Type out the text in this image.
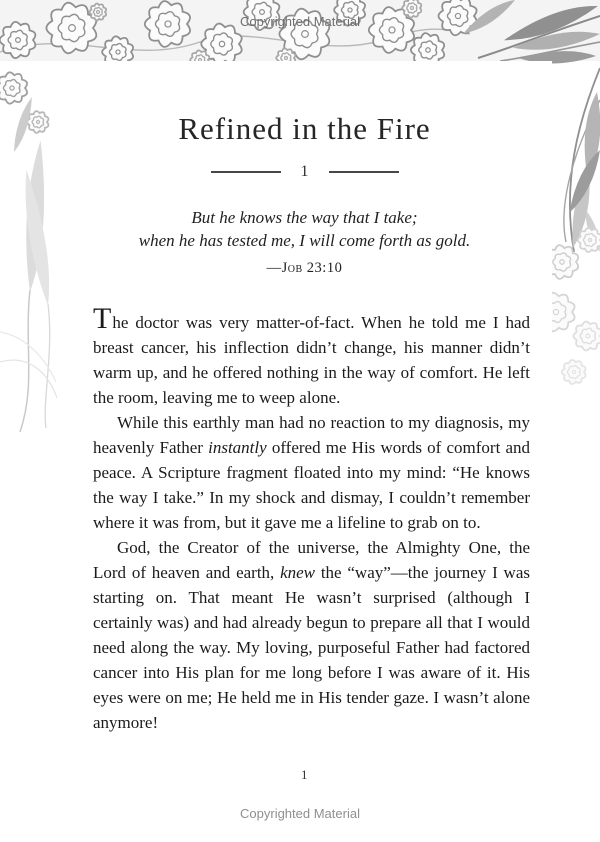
Copyrighted Material
Refined in the Fire
1
But he knows the way that I take;
when he has tested me, I will come forth as gold.
—Job 23:10

The doctor was very matter-of-fact. When he told me I had breast cancer, his inflection didn’t change, his manner didn’t warm up, and he offered nothing in the way of comfort. He left the room, leaving me to weep alone.

While this earthly man had no reaction to my diagnosis, my heavenly Father instantly offered me His words of comfort and peace. A Scripture fragment floated into my mind: “He knows the way I take.” In my shock and dismay, I couldn’t remember where it was from, but it gave me a lifeline to grab on to.

God, the Creator of the universe, the Almighty One, the Lord of heaven and earth, knew the “way”—the journey I was starting on. That meant He wasn’t surprised (although I certainly was) and had already begun to prepare all that I would need along the way. My loving, purposeful Father had factored cancer into His plan for me long before I was aware of it. His eyes were on me; He held me in His tender gaze. I wasn’t alone anymore!

1
Copyrighted Material
